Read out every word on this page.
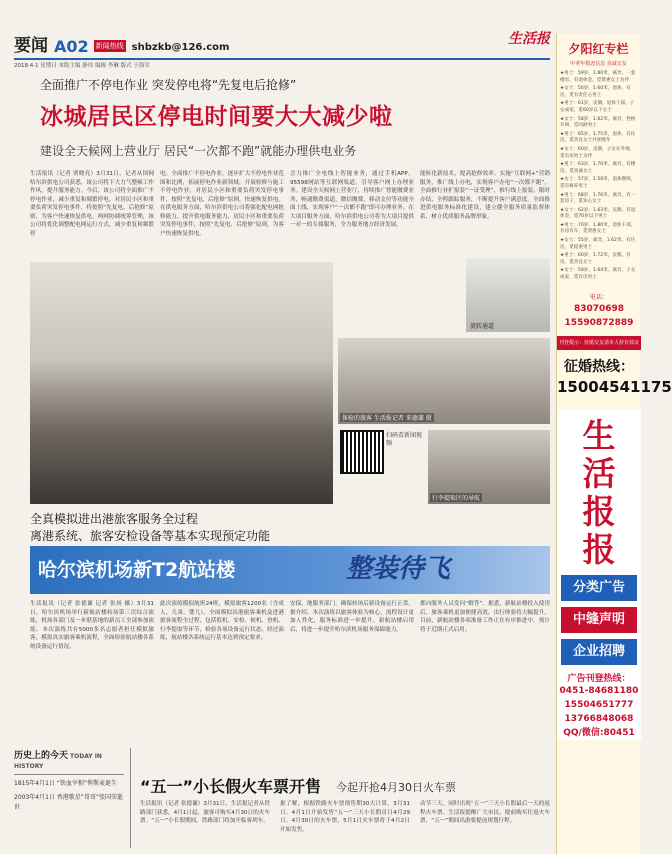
要闻 A02 新闻热线 shbzkb@126.com
生活报
2018·4·1 星期日 本版主编 静伟 编辑 李琳 版式 于海军
全面推广不停电作业 突发停电将“先复电后抢修”
冰城居民区停电时间要大大减少啦
建设全天候网上营业厅 居民“一次都不跑”就能办理供电业务
生活报讯（记者 贾晓亮）3月31日，记者从国网哈尔滨供电公司获悉，该公司将下大力气整顿工作作风，提升服务能力。今后，该公司将全面推广不停电作业，减少重复和频繁停电。对居民小区和重要负荷突发停电事件，将按照“先复电、后抢修”原则，为客户快速恢复供电。两网协调统筹管理，该公司将优化调整配电网运行方式，减少重复和频繁停
电。全面推广不停电作业，逐步扩大不停电作业范围和比例，拓展停电作业新领域，开展检修与施工不停电作业，对居民小区和重要负荷突发停电事件，按照“先复电、后抢修”原则，快速恢复供电。在供电服务方面，哈尔滨供电公司将强化配电网抢修能力，提升供电服务能力，居民小区和重要负荷突发停电事件，按照“先复电、后抢修”原则，为客户快速恢复供电。
会力推广全电线上智能业务，通过手机APP、95598网站等互联网渠道，引导客户网上办理业务。建设全天候网上营业厅，持续推广智能缴费业务，畅通缴费渠道，微信缴费、移动支付等功能全面上线，实现客户“一次都不跑”即可办理业务。在大项目服务方面，哈尔滨供电公司将为大项目提供一对一的专属服务，全力服务地方经济发展。
能转化新技术，提高抢修效率。实施“互联网+”营销服务，推广线上办电，实现客户办电“一次都不跑”。全面推行业扩报装“一证受理”，推行线上报装、限时办结、全程跟踪服务，不断提升客户满意度。全面推进供电服务标准化建设，建立健全服务质量监督体系，树立优质服务品牌形象。
旋转通道
体验的旅客 生活报记者 来德谦 摄
扫码看新闻视频
行李提取区的导航
全真模拟进出港旅客服务全过程
离港系统、旅客安检设备等基本实现预定功能
哈尔滨机场新T2航站楼	整装待飞
生活报讯（记者 张德谦 记者 张扬 摄）3月31日，哈尔滨机场举行新航站楼转场第三次综合演练，机场各部门及一步联基地的新员工全部参加演练。本次演练共有5000多名志愿者担任模拟旅客，模拟真实旅客乘机流程，全面检验航站楼各系统设备运行情况。
此次演练模拟航班24班，模拟旅客1200名（含成人、儿童、婴儿），全面模拟出港旅客乘机及进港旅客流程全过程，包括值机、安检、候机、登机、行李提取等环节，检验各项设备运行状态。经过演练，航站楼各系统运行基本达到预定要求。
安保、地服务部门，确保转场后新设备运行正常。据介绍，本次演练以旅客体验为核心，流程设计更加人性化，服务标准进一步提升。新航站楼启用后，将进一步提升哈尔滨机场服务保障能力。
都向服务人员发问“解答”。据悉，新航站楼投入使用后，旅客乘机更加便捷高效，出行体验将大幅提升。目前，新航站楼各项准备工作正在有序推进中，预计将于近期正式启用。
历史上的今天 TODAY IN HISTORY
1815年4月1日 “铁血宰相”俾斯麦诞生
2003年4月1日 香港歌星“哥哥”张国荣逝世
“五一”小长假火车票开售 今起开抢4月30日火车票
生活报讯（记者 张德谦）3月31日，生活报记者从铁路部门获悉，4月1日起，旅客可购买4月30日的火车票。“五一”小长假期间，铁路部门将加开临客列车。
据了解，根据铁路火车票预售期30天计算，3月31日、4月1日开始发售“五一”三天小长假首日4月29日、4月30日的火车票，5月1日火车票将于4月2日开始发售。
动节三天，同时出现“五一”三天小长假最后一天的返程火车票。生活报提醒广大市民，提前购买往返火车票，“五一”期间出游要提前规划行程。
夕阳红专栏
中老年婚恋信息 真诚交友
★男士：59岁，1.80米，离异，一套楼房，有退休金，觅贤惠女士为伴
★女士：56岁，1.60米，退休，有房，觅有责任心男士
★男士：61岁，丧偶，退休干部，子女成家，觅60岁以下女士
★女士：58岁，1.62米，离异，性格开朗，觅同龄男士
★男士：65岁，1.75米，退休，有住房，觅善良女士共度晚年
★女士：60岁，丧偶，子女在外地，觅有房男士为伴
★男士：63岁，1.70米，离异，有楼房，觅真诚女士
★女士：57岁，1.58米，退休教师，觅有修养男士
★男士：68岁，1.76米，离异，有一套房子，觅知心女士
★女士：62岁，1.63米，丧偶，有退休金，觅70岁以下男士
★男士：70岁，1.80米，退休干部，有房有车，觅贤惠女士
★女士：55岁，离异，1.62米，有住房，觅稳重男士
★男士：60岁，1.72米，丧偶，有房，觅善良女士
★女士：59岁，1.64米，离异，子女成家，觅有房男士
电话：
83070698
15590872889
刊登提示：征婚交友请本人持有效证件到本报
征婚热线：
15004541175
生
活
报
报
分类广告
中缝声明
企业招聘
广告刊登热线：
0451-84681180
15504651777
13766848068
QQ/微信:80451
